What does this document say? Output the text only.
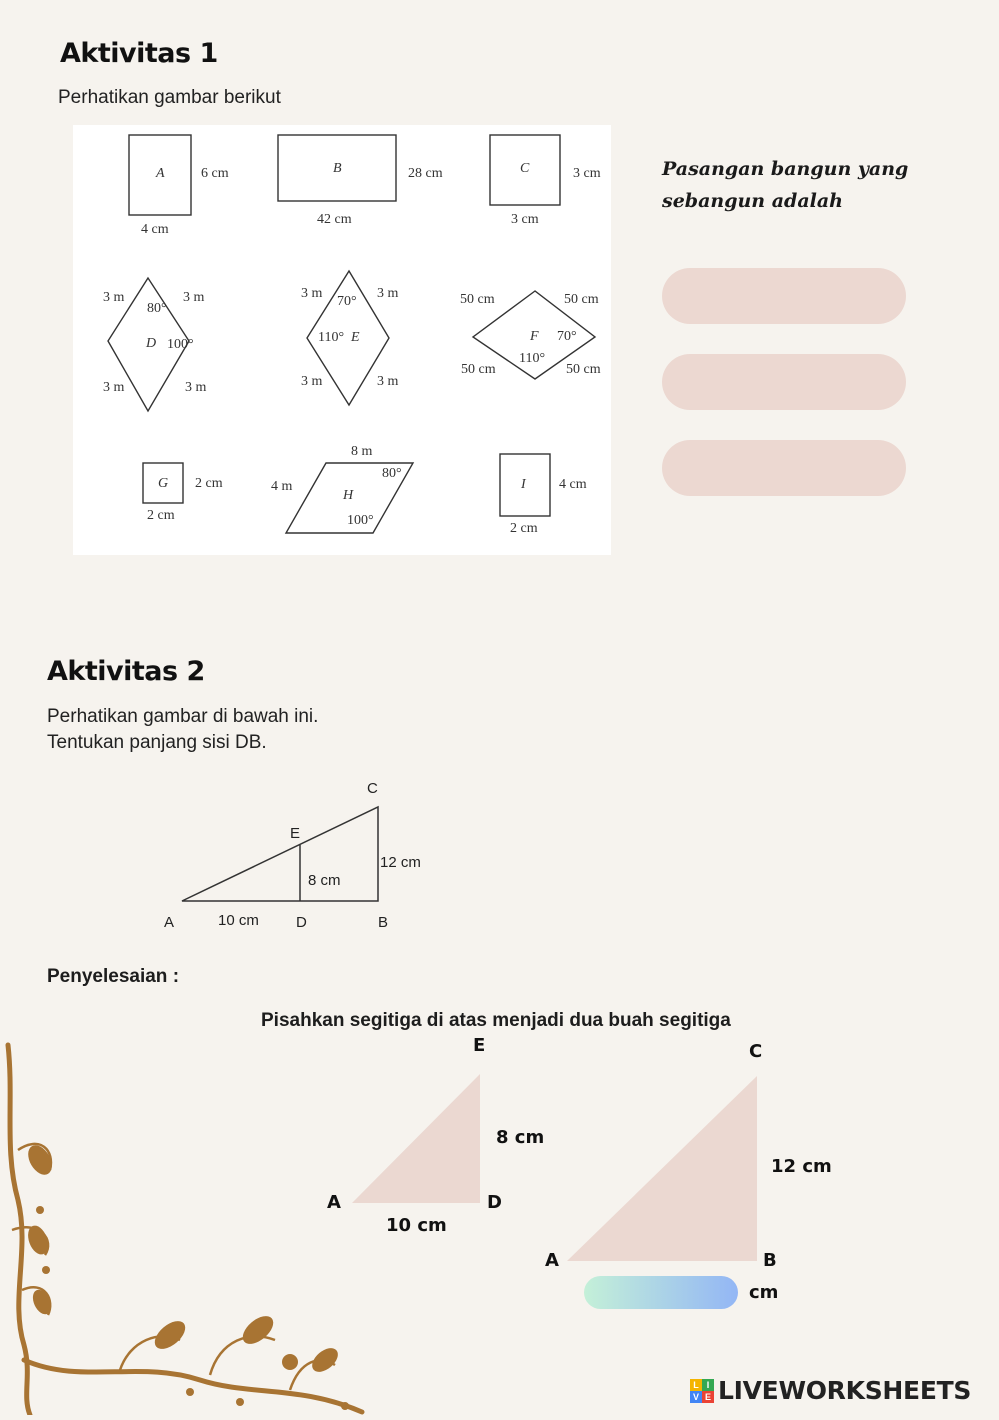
Aktivitas 1
Perhatikan gambar berikut
A	6 cm
4 cm
B	28 cm
42 cm
C	3 cm
3 cm
3 m	3 m
3 m	3 m
80°
D 100°
3 m	3 m
3 m	3 m
70°
110° E
50 cm	50 cm
50 cm	50 cm
F 70°
110°
G 2 cm
2 cm
8 m
4 m
80°
H
100°
I 4 cm
2 cm
Pasangan bangun yang
sebangun adalah
Aktivitas 2
Perhatikan gambar di bawah ini.
Tentukan panjang sisi DB.
C
E
12 cm
8 cm
A	10 cm D	B
Penyelesaian :
Pisahkan segitiga di atas menjadi dua buah segitiga
E
8 cm
A	D
10 cm
C
12 cm
A	B
cm
L I
V E LIVEWORKSHEETS
